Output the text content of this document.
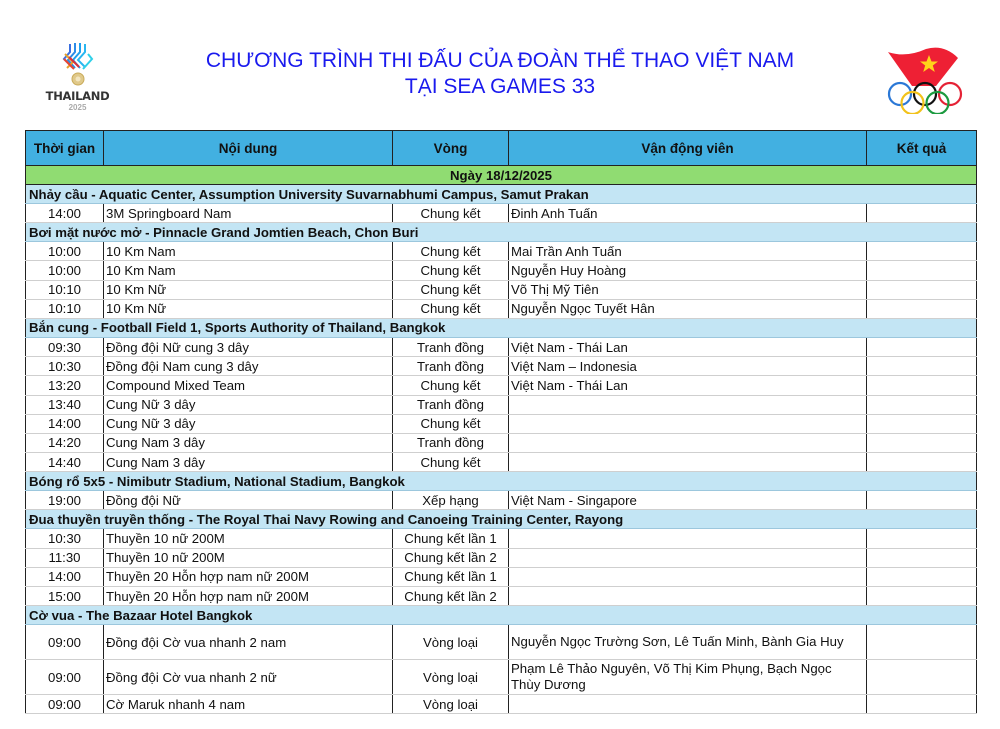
THAILAND
2025
CHƯƠNG TRÌNH THI ĐẤU CỦA ĐOÀN THỂ THAO VIỆT NAM
TẠI SEA GAMES 33
Thời gian	Nội dung	Vòng	Vận động viên	Kết quả
Ngày 18/12/2025				
Nhảy cầu - Aquatic Center, Assumption University Suvarnabhumi Campus, Samut Prakan				
14:00	3M Springboard Nam	Chung kết	Đinh Anh Tuấn	
Bơi mặt nước mở - Pinnacle Grand Jomtien Beach, Chon Buri				
10:00	10 Km Nam	Chung kết	Mai Trần Anh Tuấn	
10:00	10 Km Nam	Chung kết	Nguyễn Huy Hoàng	
10:10	10 Km Nữ	Chung kết	Võ Thị Mỹ Tiên	
10:10	10 Km Nữ	Chung kết	Nguyễn Ngọc Tuyết Hân	
Bắn cung - Football Field 1, Sports Authority of Thailand, Bangkok				
09:30	Đồng đội Nữ cung 3 dây	Tranh đồng	Việt Nam - Thái Lan	
10:30	Đồng đội Nam cung 3 dây	Tranh đồng	Việt Nam – Indonesia	
13:20	Compound Mixed Team	Chung kết	Việt Nam - Thái Lan	
13:40	Cung Nữ 3 dây	Tranh đồng		
14:00	Cung Nữ 3 dây	Chung kết		
14:20	Cung Nam 3 dây	Tranh đồng		
14:40	Cung Nam 3 dây	Chung kết		
Bóng rổ 5x5 - Nimibutr Stadium, National Stadium, Bangkok				
19:00	Đồng đội Nữ	Xếp hạng	Việt Nam - Singapore	
Đua thuyền truyền thống - The Royal Thai Navy Rowing and Canoeing Training Center, Rayong				
10:30	Thuyền 10 nữ 200M	Chung kết lần 1		
11:30	Thuyền 10 nữ 200M	Chung kết lần 2		
14:00	Thuyền 20 Hỗn hợp nam nữ 200M	Chung kết lần 1		
15:00	Thuyền 20 Hỗn hợp nam nữ 200M	Chung kết lần 2		
Cờ vua - The Bazaar Hotel Bangkok				
09:00	Đồng đội Cờ vua nhanh 2 nam	Vòng loại	Nguyễn Ngọc Trường Sơn, Lê Tuấn Minh, Bành Gia Huy	
09:00	Đồng đội Cờ vua nhanh 2 nữ	Vòng loại	Phạm Lê Thảo Nguyên, Võ Thị Kim Phụng, Bạch Ngọc Thùy Dương	
09:00	Cờ Maruk nhanh 4 nam	Vòng loại		
